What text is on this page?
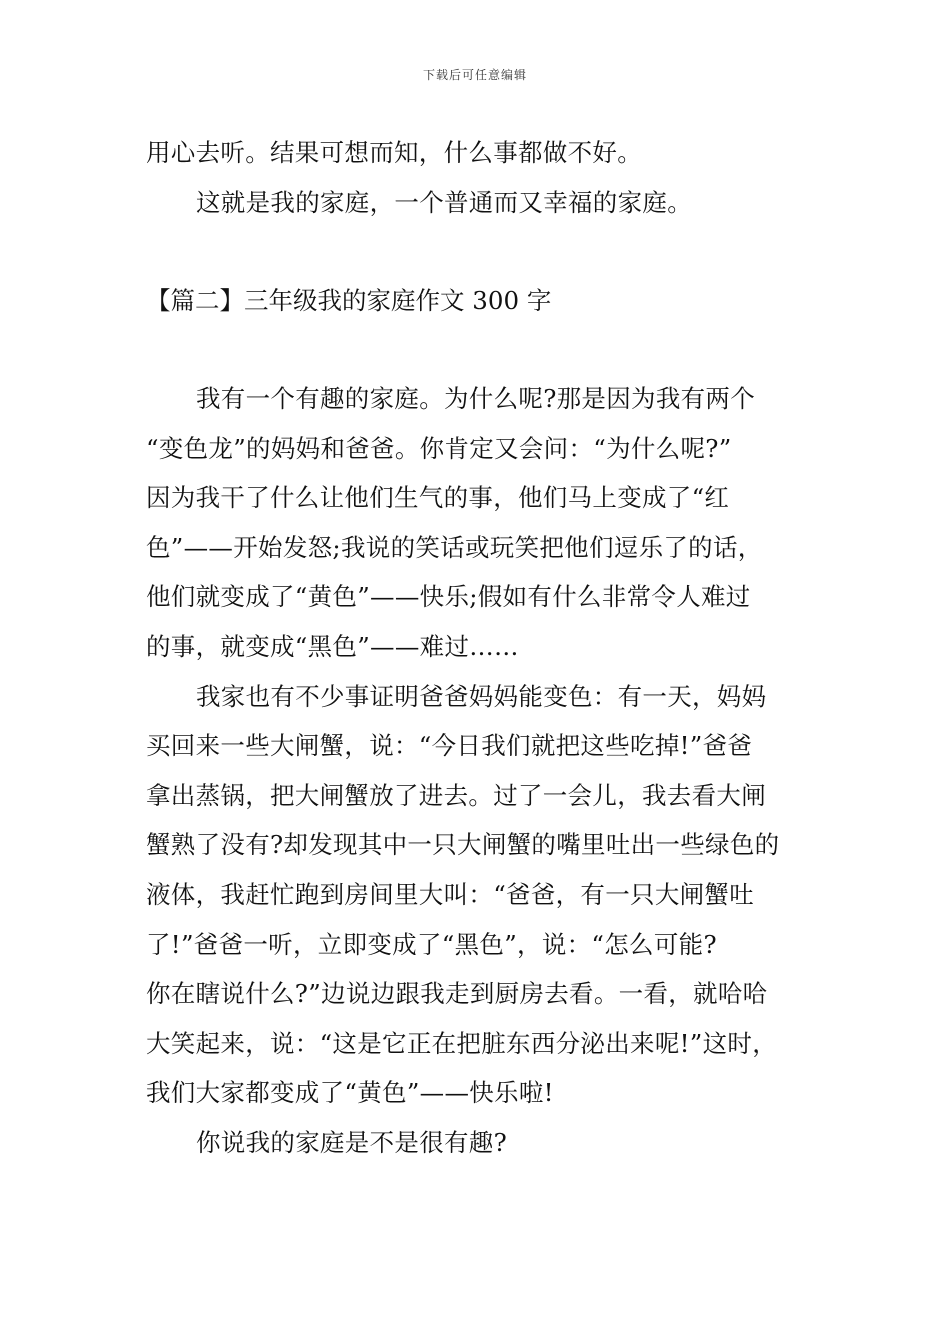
下载后可任意编辑
用心去听。结果可想而知，什么事都做不好。
这就是我的家庭，一个普通而又幸福的家庭。
【篇二】三年级我的家庭作文 300 字
我有一个有趣的家庭。为什么呢?那是因为我有两个
“变色龙”的妈妈和爸爸。你肯定又会问：“为什么呢?”
因为我干了什么让他们生气的事，他们马上变成了“红
色”——开始发怒;我说的笑话或玩笑把他们逗乐了的话，
他们就变成了“黄色”——快乐;假如有什么非常令人难过
的事，就变成“黑色”——难过……
我家也有不少事证明爸爸妈妈能变色：有一天，妈妈
买回来一些大闸蟹，说：“今日我们就把这些吃掉!”爸爸
拿出蒸锅，把大闸蟹放了进去。过了一会儿，我去看大闸
蟹熟了没有?却发现其中一只大闸蟹的嘴里吐出一些绿色的
液体，我赶忙跑到房间里大叫：“爸爸，有一只大闸蟹吐
了!”爸爸一听，立即变成了“黑色”，说：“怎么可能?
你在瞎说什么?”边说边跟我走到厨房去看。一看，就哈哈
大笑起来，说：“这是它正在把脏东西分泌出来呢!”这时，
我们大家都变成了“黄色”——快乐啦!
你说我的家庭是不是很有趣?
